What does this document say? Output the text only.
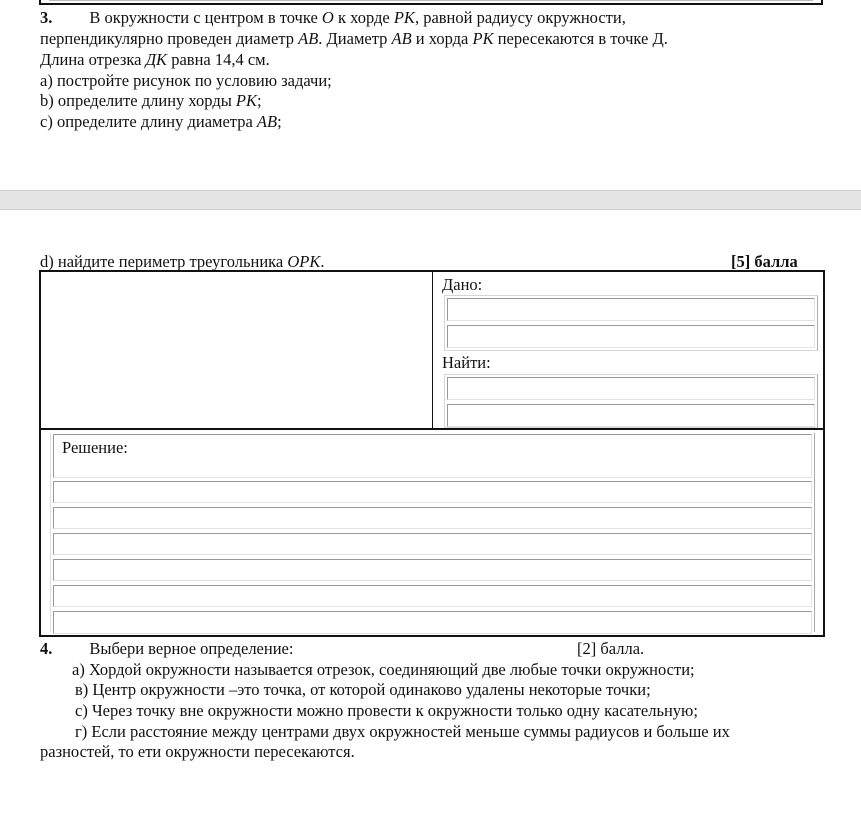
3. В окружности с центром в точке O к хорде PK, равной радиусу окружности,
перпендикулярно проведен диаметр AB. Диаметр AB и хорда PK пересекаются в точке Д.
Длина отрезка ДK равна 14,4 см.
a) постройте рисунок по условию задачи;
b) определите длину хорды PK;
c) определите длину диаметра AB;
d) найдите периметр треугольника OPK.	[5] балла
Дано:
Найти:
Решение:
4. Выбери верное определение:	[2] балла.
а) Хордой окружности называется отрезок, соединяющий две любые точки окружности;
в) Центр окружности –это точка, от которой одинаково удалены некоторые точки;
с) Через точку вне окружности можно провести к окружности только одну касательную;
г) Если расстояние между центрами двух окружностей меньше суммы радиусов и больше их
разностей, то ети окружности пересекаются.
